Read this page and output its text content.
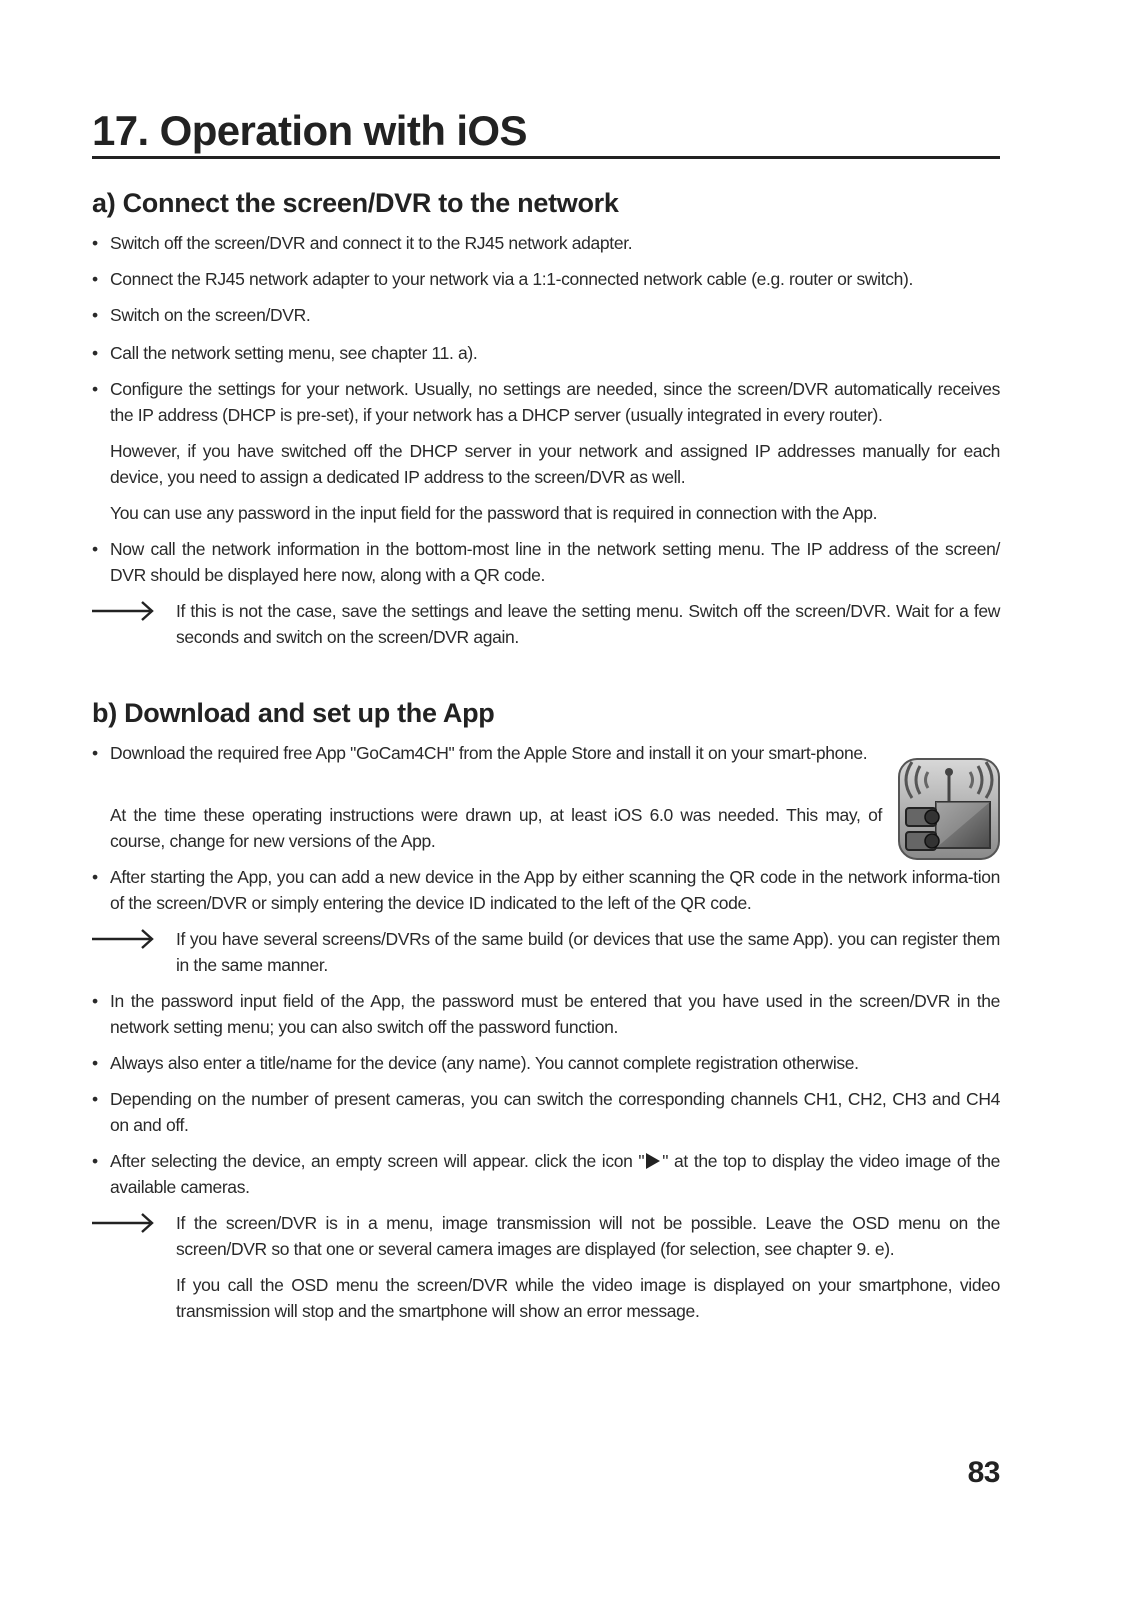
17. Operation with iOS
a) Connect the screen/DVR to the network
• Switch off the screen/DVR and connect it to the RJ45 network adapter.
• Connect the RJ45 network adapter to your network via a 1:1-connected network cable (e.g. router or switch).
• Switch on the screen/DVR.
• Call the network setting menu, see chapter 11. a).
• Configure the settings for your network. Usually, no settings are needed, since the screen/DVR automatically receives the IP address (DHCP is pre-set), if your network has a DHCP server (usually integrated in every router).
However, if you have switched off the DHCP server in your network and assigned IP addresses manually for each device, you need to assign a dedicated IP address to the screen/DVR as well.
You can use any password in the input field for the password that is required in connection with the App.
• Now call the network information in the bottom-most line in the network setting menu. The IP address of the screen/ DVR should be displayed here now, along with a QR code.
If this is not the case, save the settings and leave the setting menu. Switch off the screen/DVR. Wait for a few seconds and switch on the screen/DVR again.
b) Download and set up the App
• Download the required free App "GoCam4CH" from the Apple Store and install it on your smart-phone.
At the time these operating instructions were drawn up, at least iOS 6.0 was needed. This may, of course, change for new versions of the App.
• After starting the App, you can add a new device in the App by either scanning the QR code in the network informa-tion of the screen/DVR or simply entering the device ID indicated to the left of the QR code.
If you have several screens/DVRs of the same build (or devices that use the same App). you can register them in the same manner.
• In the password input field of the App, the password must be entered that you have used in the screen/DVR in the network setting menu; you can also switch off the password function.
• Always also enter a title/name for the device (any name). You cannot complete registration otherwise.
• Depending on the number of present cameras, you can switch the corresponding channels CH1, CH2, CH3 and CH4 on and off.
• After selecting the device, an empty screen will appear. click the icon " " at the top to display the video image of the available cameras.
If the screen/DVR is in a menu, image transmission will not be possible. Leave the OSD menu on the screen/DVR so that one or several camera images are displayed (for selection, see chapter 9. e).
If you call the OSD menu the screen/DVR while the video image is displayed on your smartphone, video transmission will stop and the smartphone will show an error message.
83
